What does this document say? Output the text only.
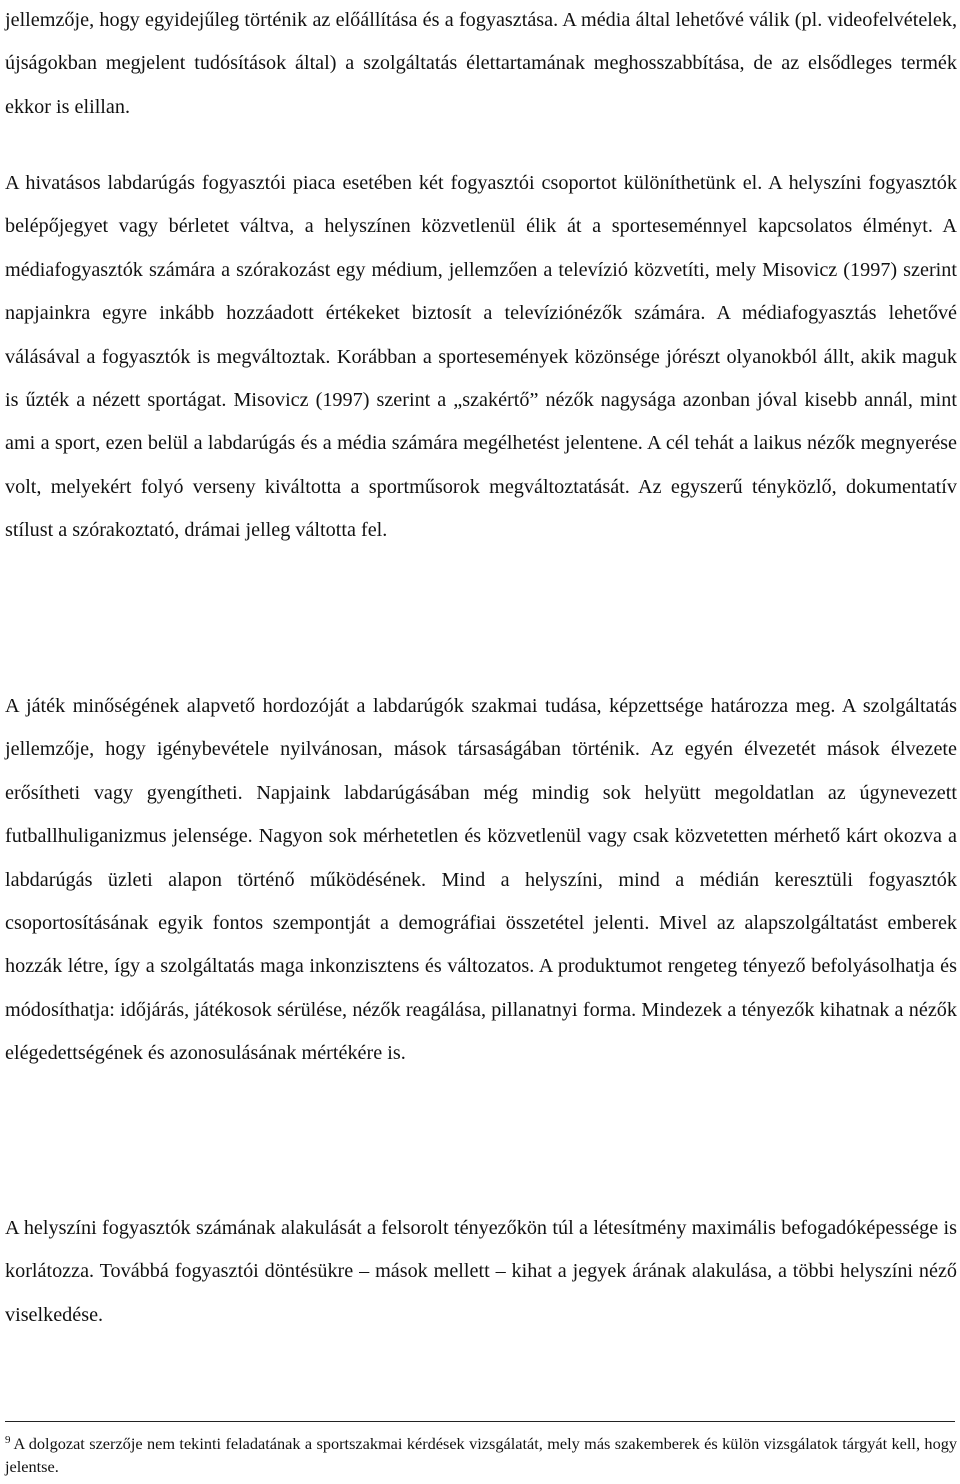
jellemzője, hogy egyidejűleg történik az előállítása és a fogyasztása. A média által lehetővé válik (pl. videofelvételek, újságokban megjelent tudósítások által) a szolgáltatás élettartamának meghosszabbítása, de az elsődleges termék ekkor is elillan.

A hivatásos labdarúgás fogyasztói piaca esetében két fogyasztói csoportot különíthetünk el. A helyszíni fogyasztók belépőjegyet vagy bérletet váltva, a helyszínen közvetlenül élik át a sporteseménnyel kapcsolatos élményt. A médiafogyasztók számára a szórakozást egy médium, jellemzően a televízió közvetíti, mely Misovicz (1997) szerint napjainkra egyre inkább hozzáadott értékeket biztosít a televíziónézők számára. A médiafogyasztás lehetővé válásával a fogyasztók is megváltoztak. Korábban a sportesemények közönsége jórészt olyanokból állt, akik maguk is űzték a nézett sportágat. Misovicz (1997) szerint a „szakértő” nézők nagysága azonban jóval kisebb annál, mint ami a sport, ezen belül a labdarúgás és a média számára megélhetést jelentene. A cél tehát a laikus nézők megnyerése volt, melyekért folyó verseny kiváltotta a sportműsorok megváltoztatását. Az egyszerű tényközlő, dokumentatív stílust a szórakoztató, drámai jelleg váltotta fel.

A játék minőségének alapvető hordozóját a labdarúgók szakmai tudása, képzettsége határozza meg. A szolgáltatás jellemzője, hogy igénybevétele nyilvánosan, mások társaságában történik. Az egyén élvezetét mások élvezete erősítheti vagy gyengítheti. Napjaink labdarúgásában még mindig sok helyütt megoldatlan az úgynevezett futballhuliganizmus jelensége. Nagyon sok mérhetetlen és közvetlenül vagy csak közvetetten mérhető kárt okozva a labdarúgás üzleti alapon történő működésének. Mind a helyszíni, mind a médián keresztüli fogyasztók csoportosításának egyik fontos szempontját a demográfiai összetétel jelenti. Mivel az alapszolgáltatást emberek hozzák létre, így a szolgáltatás maga inkonzisztens és változatos. A produktumot rengeteg tényező befolyásolhatja és módosíthatja: időjárás, játékosok sérülése, nézők reagálása, pillanatnyi forma. Mindezek a tényezők kihatnak a nézők elégedettségének és azonosulásának mértékére is.

A helyszíni fogyasztók számának alakulását a felsorolt tényezőkön túl a létesítmény maximális befogadóképessége is korlátozza. Továbbá fogyasztói döntésükre – mások mellett – kihat a jegyek árának alakulása, a többi helyszíni néző viselkedése.

$^9$ A dolgozat szerzője nem tekinti feladatának a sportszakmai kérdések vizsgálatát, mely más szakemberek és külön vizsgálatok tárgyát kell, hogy jelentse.
